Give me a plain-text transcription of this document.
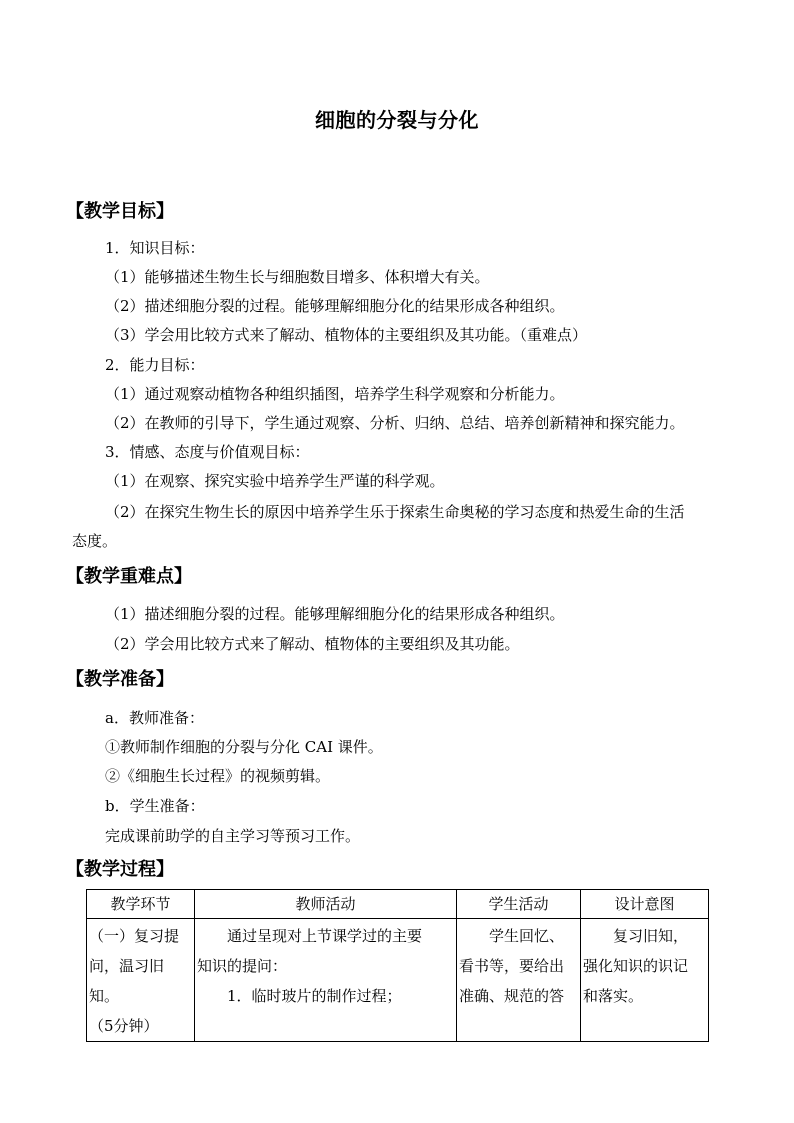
细胞的分裂与分化
【教学目标】
1．知识目标：
（1）能够描述生物生长与细胞数目增多、体积增大有关。
（2）描述细胞分裂的过程。能够理解细胞分化的结果形成各种组织。
（3）学会用比较方式来了解动、植物体的主要组织及其功能。（重难点）
2．能力目标：
（1）通过观察动植物各种组织插图，培养学生科学观察和分析能力。
（2）在教师的引导下，学生通过观察、分析、归纳、总结、培养创新精神和探究能力。
3．情感、态度与价值观目标：
（1）在观察、探究实验中培养学生严谨的科学观。
（2）在探究生物生长的原因中培养学生乐于探索生命奥秘的学习态度和热爱生命的生活
态度。
【教学重难点】
（1）描述细胞分裂的过程。能够理解细胞分化的结果形成各种组织。
（2）学会用比较方式来了解动、植物体的主要组织及其功能。
【教学准备】
a．教师准备：
①教师制作细胞的分裂与分化 CAI 课件。
②《细胞生长过程》的视频剪辑。
b．学生准备：
完成课前助学的自主学习等预习工作。
【教学过程】
教学环节	教师活动	学生活动	设计意图

（一）复习提
问，温习旧知。
（5分钟）	　　通过呈现对上节课学过的主要
知识的提问：
　　1．临时玻片的制作过程；	　　学生回忆、
看书等，要给出
准确、规范的答	　　复习旧知，
强化知识的识记
和落实。
